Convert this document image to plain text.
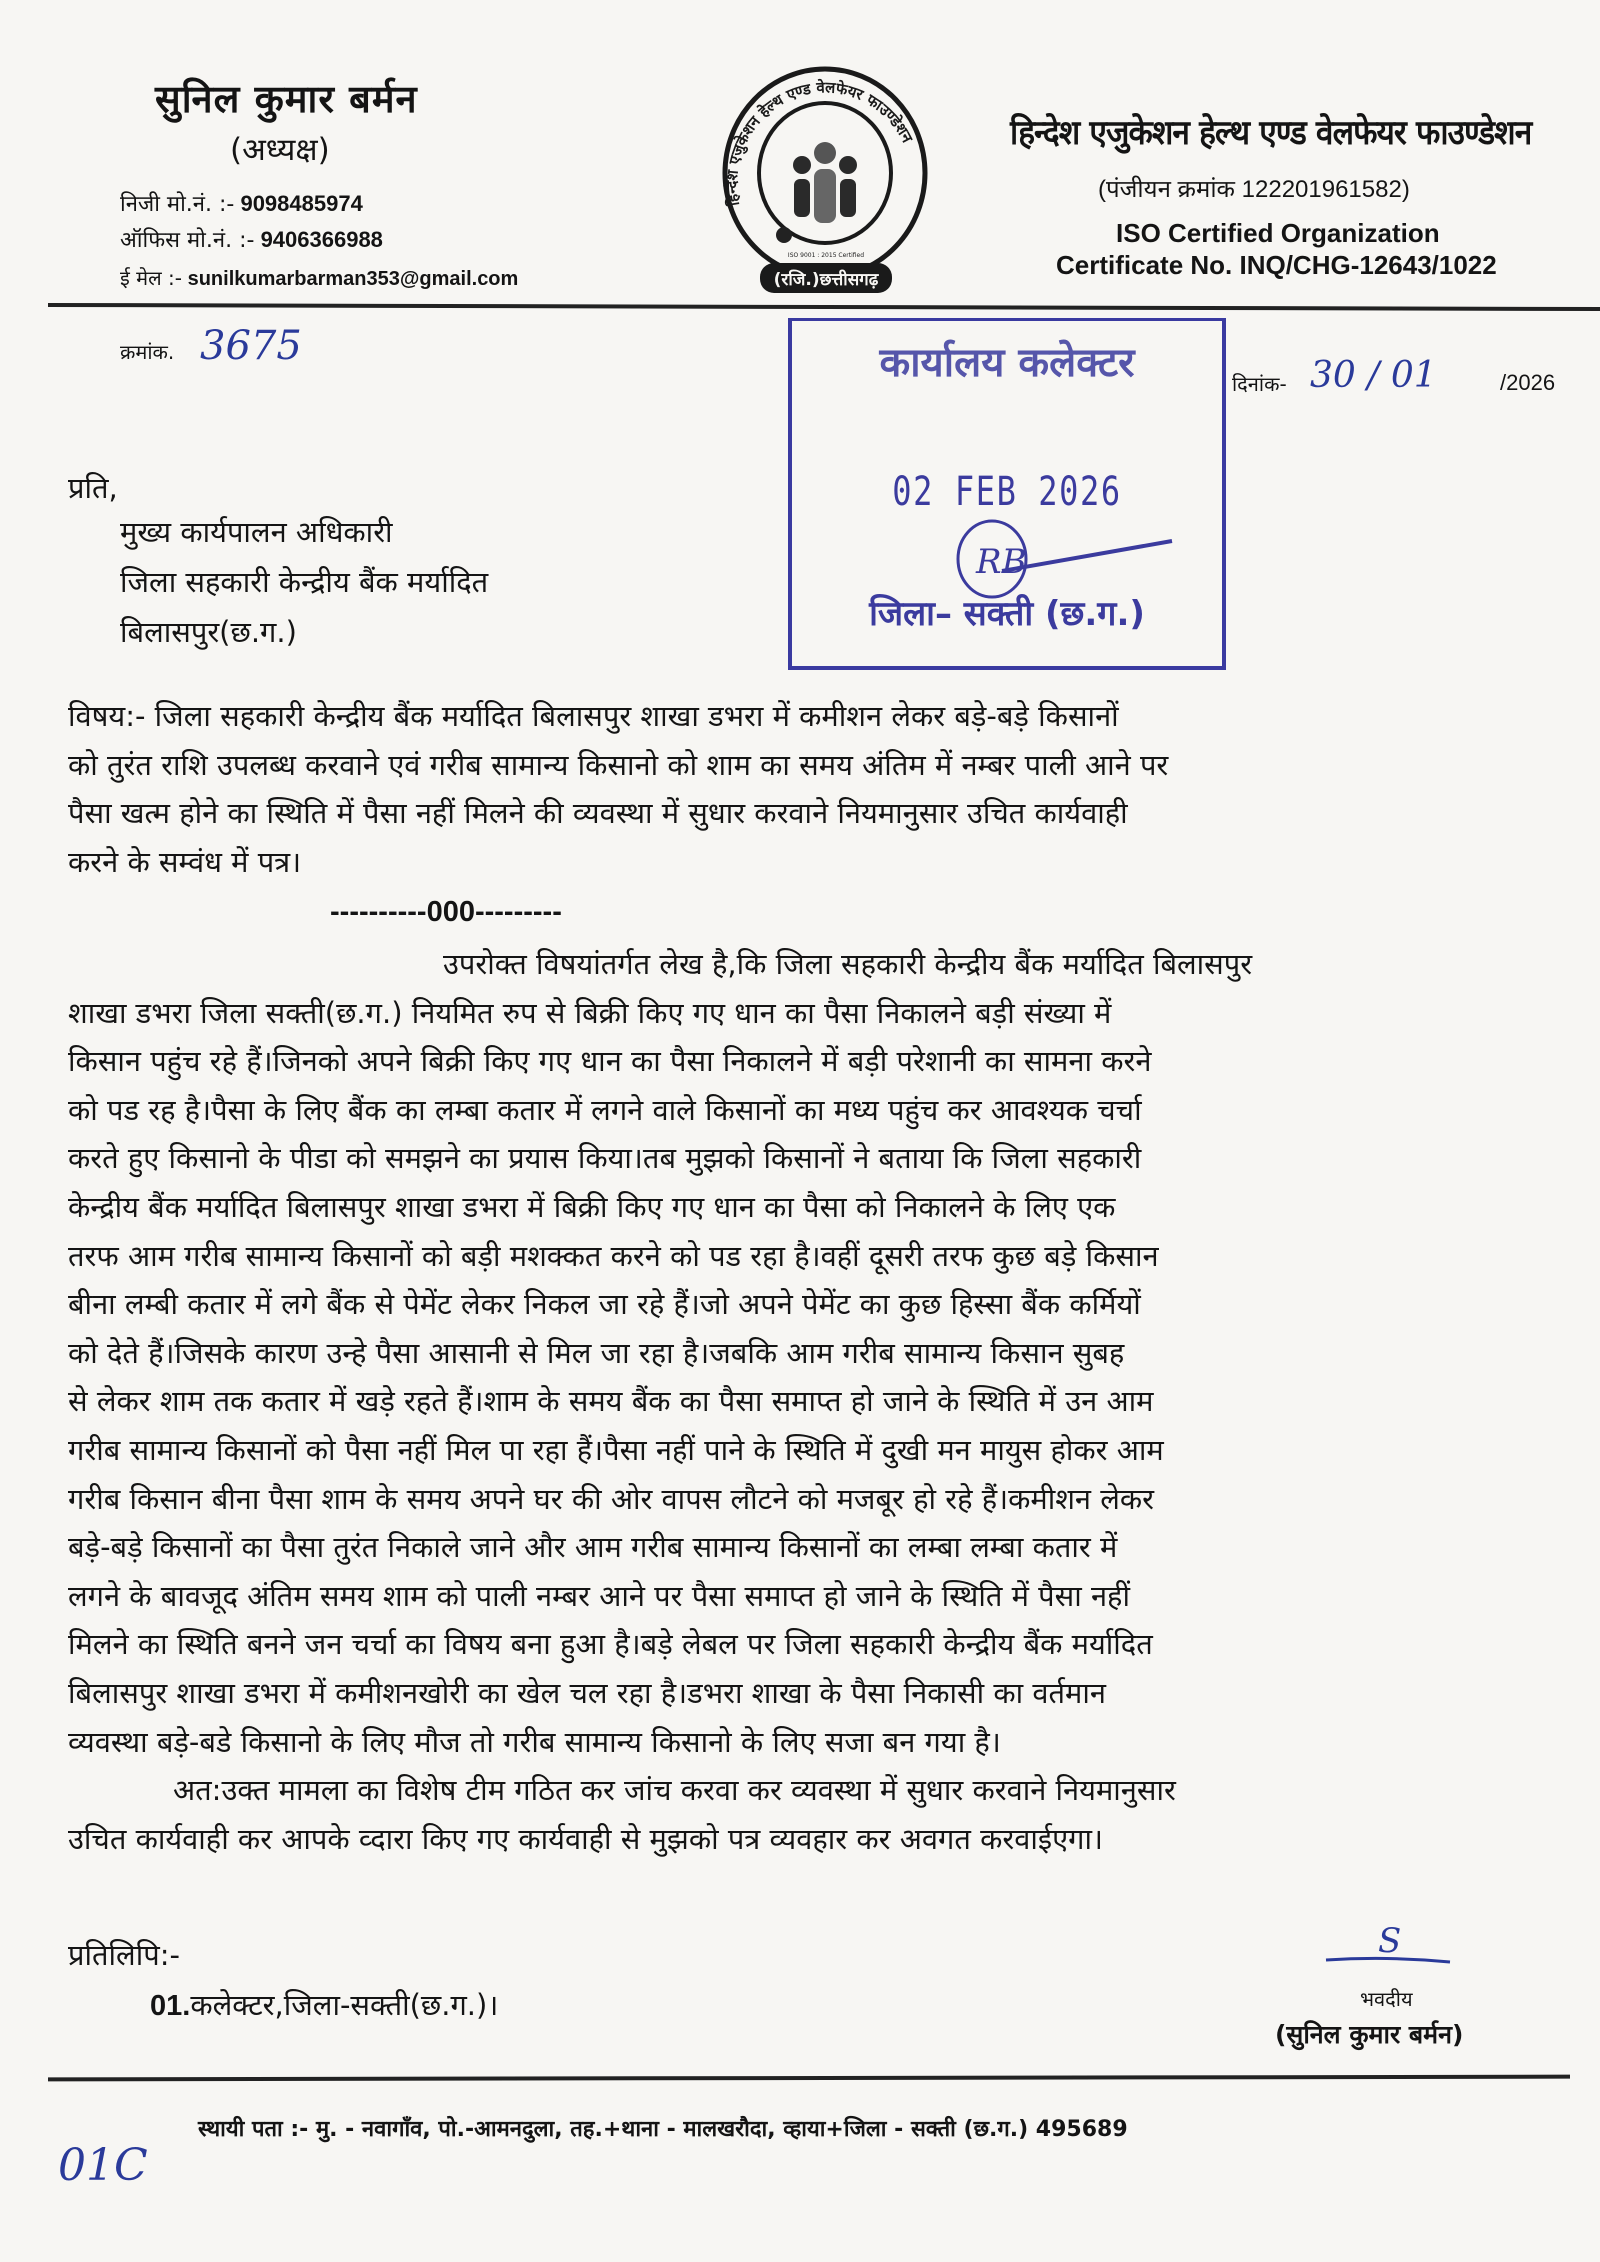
सुनिल कुमार बर्मन
(अध्यक्ष)
निजी मो.नं. :- 9098485974
ऑफिस मो.नं. :- 9406366988
ई मेल :- sunilkumarbarman353@gmail.com	(रजि.)छत्तीसगढ़
ISO 9001 : 2015 Certified
हिन्देश एजुकेशन हेल्थ एण्ड वेलफेयर फाउण्डेशन	हिन्देश एजुकेशन हेल्थ एण्ड वेलफेयर फाउण्डेशन
(पंजीयन क्रमांक 122201961582)
ISO Certified Organization
Certificate No. INQ/CHG-12643/1022
क्रमांक. 3675
दिनांक- 30 / 01	/2026
कार्यालय कलेक्टर
02 FEB 2026
RB
जिला– सक्ती (छ.ग.)
प्रति,
मुख्य कार्यपालन अधिकारी
जिला सहकारी केन्द्रीय बैंक मर्यादित
बिलासपुर(छ.ग.)
विषय:- जिला सहकारी केन्द्रीय बैंक मर्यादित बिलासपुर शाखा डभरा में कमीशन लेकर बड़े-बड़े किसानों
को तुरंत राशि उपलब्ध करवाने एवं गरीब सामान्य किसानो को शाम का समय अंतिम में नम्बर पाली आने पर
पैसा खत्म होने का स्थिति में पैसा नहीं मिलने की व्यवस्था में सुधार करवाने नियमानुसार उचित कार्यवाही
करने के सम्वंध में पत्र।
----------000---------
उपरोक्त विषयांतर्गत लेख है,कि जिला सहकारी केन्द्रीय बैंक मर्यादित बिलासपुर
शाखा डभरा जिला सक्ती(छ.ग.) नियमित रुप से बिक्री किए गए धान का पैसा निकालने बड़ी संख्या में
किसान पहुंच रहे हैं।जिनको अपने बिक्री किए गए धान का पैसा निकालने में बड़ी परेशानी का सामना करने
को पड रह है।पैसा के लिए बैंक का लम्बा कतार में लगने वाले किसानों का मध्य पहुंच कर आवश्यक चर्चा
करते हुए किसानो के पीडा को समझने का प्रयास किया।तब मुझको किसानों ने बताया कि जिला सहकारी
केन्द्रीय बैंक मर्यादित बिलासपुर शाखा डभरा में बिक्री किए गए धान का पैसा को निकालने के लिए एक
तरफ आम गरीब सामान्य किसानों को बड़ी मशक्कत करने को पड रहा है।वहीं दूसरी तरफ कुछ बड़े किसान
बीना लम्बी कतार में लगे बैंक से पेमेंट लेकर निकल जा रहे हैं।जो अपने पेमेंट का कुछ हिस्सा बैंक कर्मियों
को देते हैं।जिसके कारण उन्हे पैसा आसानी से मिल जा रहा है।जबकि आम गरीब सामान्य किसान सुबह
से लेकर शाम तक कतार में खड़े रहते हैं।शाम के समय बैंक का पैसा समाप्त हो जाने के स्थिति में उन आम
गरीब सामान्य किसानों को पैसा नहीं मिल पा रहा हैं।पैसा नहीं पाने के स्थिति में दुखी मन मायुस होकर आम
गरीब किसान बीना पैसा शाम के समय अपने घर की ओर वापस लौटने को मजबूर हो रहे हैं।कमीशन लेकर
बड़े-बड़े किसानों का पैसा तुरंत निकाले जाने और आम गरीब सामान्य किसानों का लम्बा लम्बा कतार में
लगने के बावजूद अंतिम समय शाम को पाली नम्बर आने पर पैसा समाप्त हो जाने के स्थिति में पैसा नहीं
मिलने का स्थिति बनने जन चर्चा का विषय बना हुआ है।बड़े लेबल पर जिला सहकारी केन्द्रीय बैंक मर्यादित
बिलासपुर शाखा डभरा में कमीशनखोरी का खेल चल रहा है।डभरा शाखा के पैसा निकासी का वर्तमान
व्यवस्था बड़े-बडे किसानो के लिए मौज तो गरीब सामान्य किसानो के लिए सजा बन गया है।
अत:उक्त मामला का विशेष टीम गठित कर जांच करवा कर व्यवस्था में सुधार करवाने नियमानुसार
उचित कार्यवाही कर आपके व्दारा किए गए कार्यवाही से मुझको पत्र व्यवहार कर अवगत करवाईएगा।
प्रतिलिपि:-
01.कलेक्टर,जिला-सक्ती(छ.ग.)।
S
भवदीय
(सुनिल कुमार बर्मन)
स्थायी पता :- मु. - नवागाँव, पो.-आमनदुला, तह.+थाना - मालखरौदा, व्हाया+जिला - सक्ती (छ.ग.) 495689
01C
